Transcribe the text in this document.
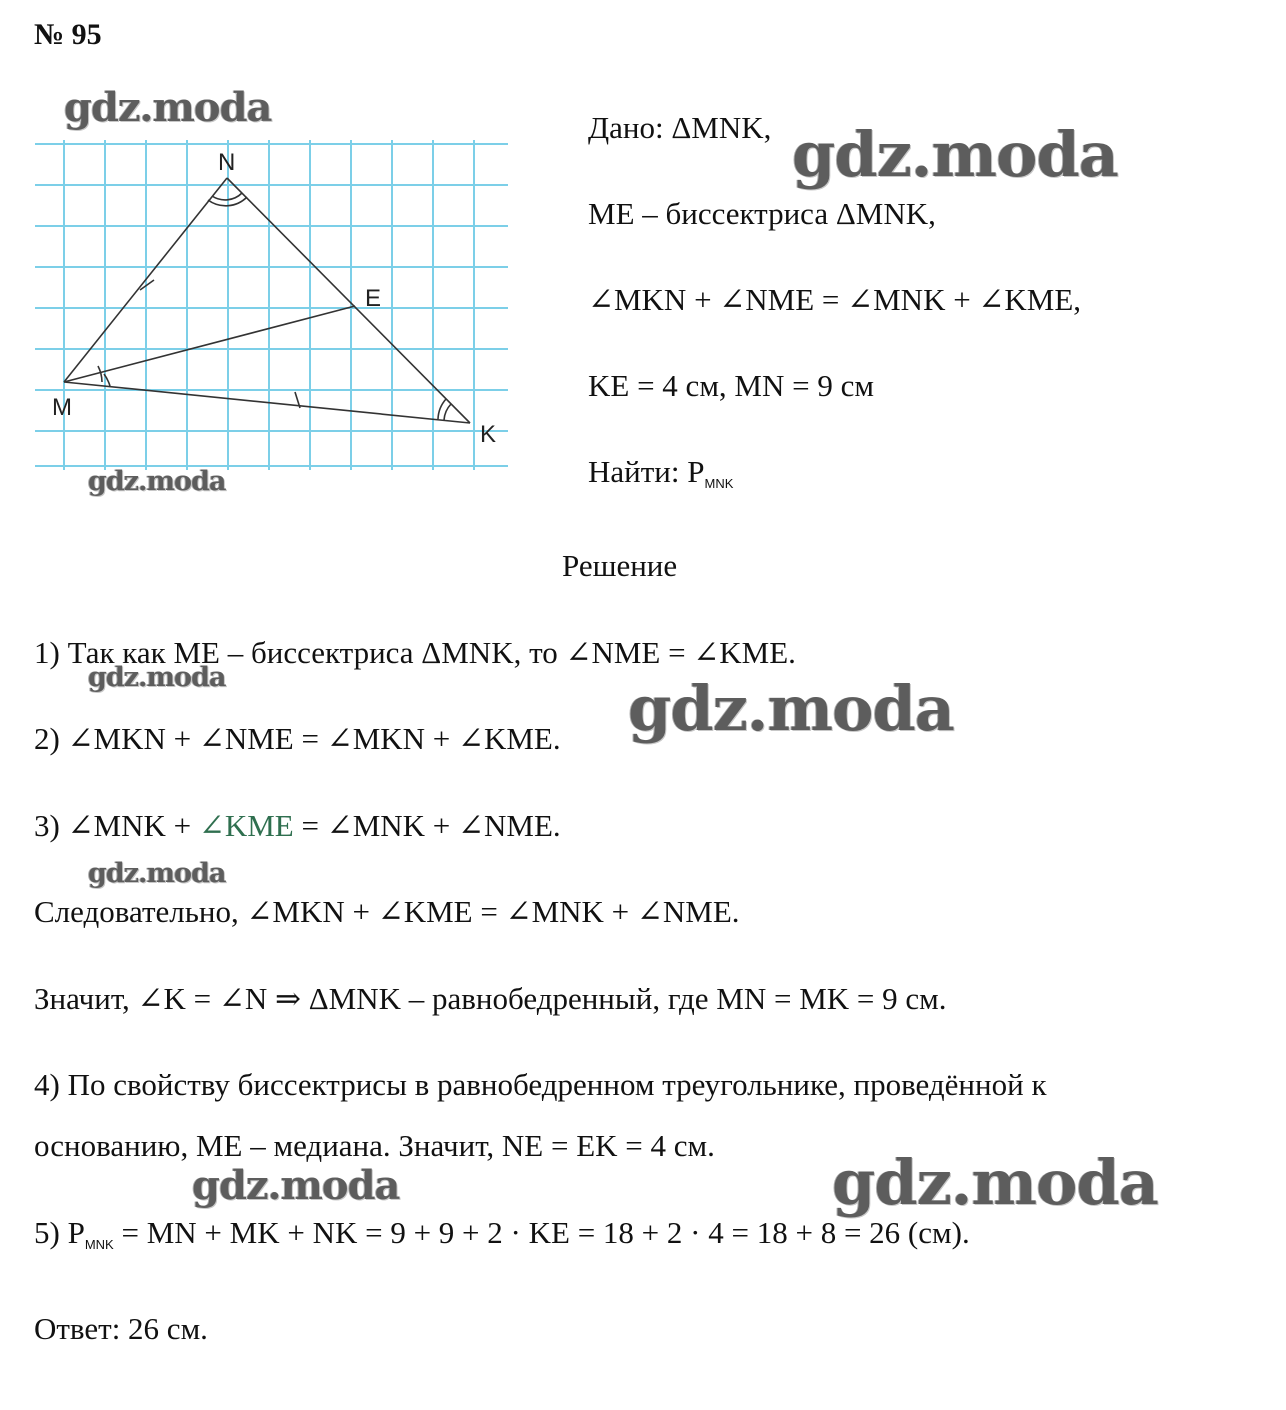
№ 95
N
E
M
K
Дано: ΔMNK,
ME – биссектриса ΔMNK,
∠MKN + ∠NME = ∠MNK + ∠KME,
KE = 4 см, MN = 9 см
Найти: $P_{MNK}$
Решение
1) Так как ME – биссектриса ΔMNK, то ∠NME = ∠KME.
2) ∠MKN + ∠NME = ∠MKN + ∠KME.
3) ∠MNK + ∠KME = ∠MNK + ∠NME.
Следовательно, ∠MKN + ∠KME = ∠MNK + ∠NME.
Значит, ∠K = ∠N ⇒ ΔMNK – равнобедренный, где MN = MK = 9 см.
4) По свойству биссектрисы в равнобедренном треугольнике, проведённой к
основанию, ME – медиана. Значит, NE = EK = 4 см.
5) $P_{MNK}$ = MN + MK + NK = 9 + 9 + 2 · KE = 18 + 2 · 4 = 18 + 8 = 26 (см).
Ответ: 26 см.
gdz.moda
gdz.moda
gdz.moda
gdz.moda	gdz.moda
gdz.moda
gdz.moda	gdz.moda
